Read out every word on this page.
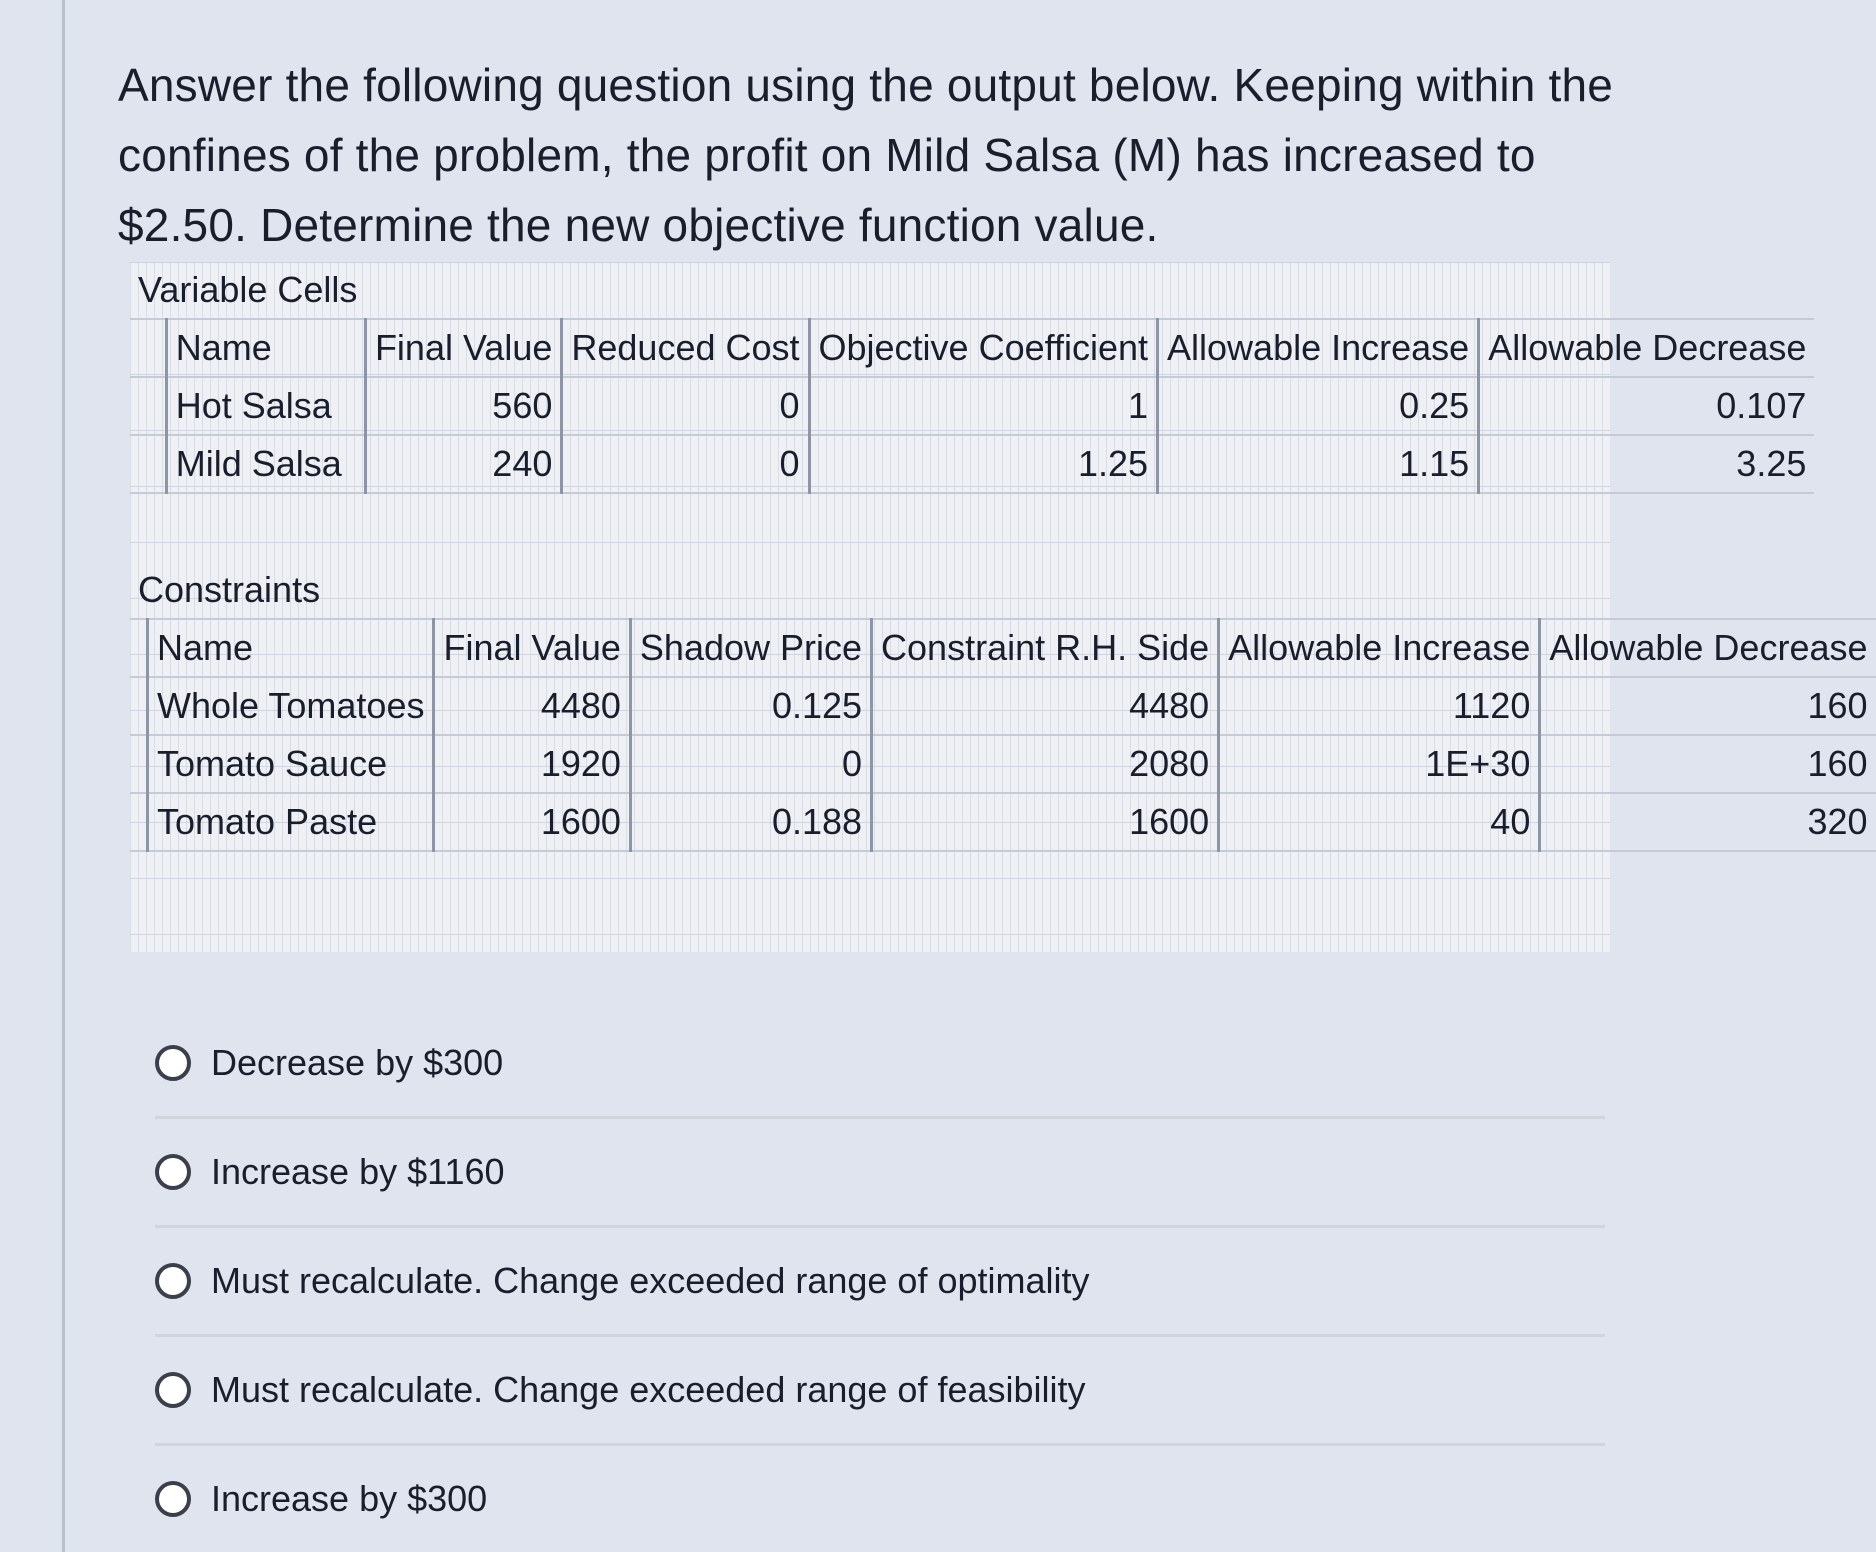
Answer the following question using the output below. Keeping within the confines of the problem, the profit on Mild Salsa (M) has increased to $2.50. Determine the new objective function value.
Variable Cells						
	Name	Final Value	Reduced Cost	Objective Coefficient	Allowable Increase	Allowable Decrease
	Hot Salsa	560	0	1	0.25	0.107
	Mild Salsa	240	0	1.25	1.15	3.25
Constraints						
	Name	Final Value	Shadow Price	Constraint R.H. Side	Allowable Increase	Allowable Decrease
	Whole Tomatoes	4480	0.125	4480	1120	160
	Tomato Sauce	1920	0	2080	1E+30	160
	Tomato Paste	1600	0.188	1600	40	320
Decrease by $300
Increase by $1160
Must recalculate. Change exceeded range of optimality
Must recalculate. Change exceeded range of feasibility
Increase by $300
